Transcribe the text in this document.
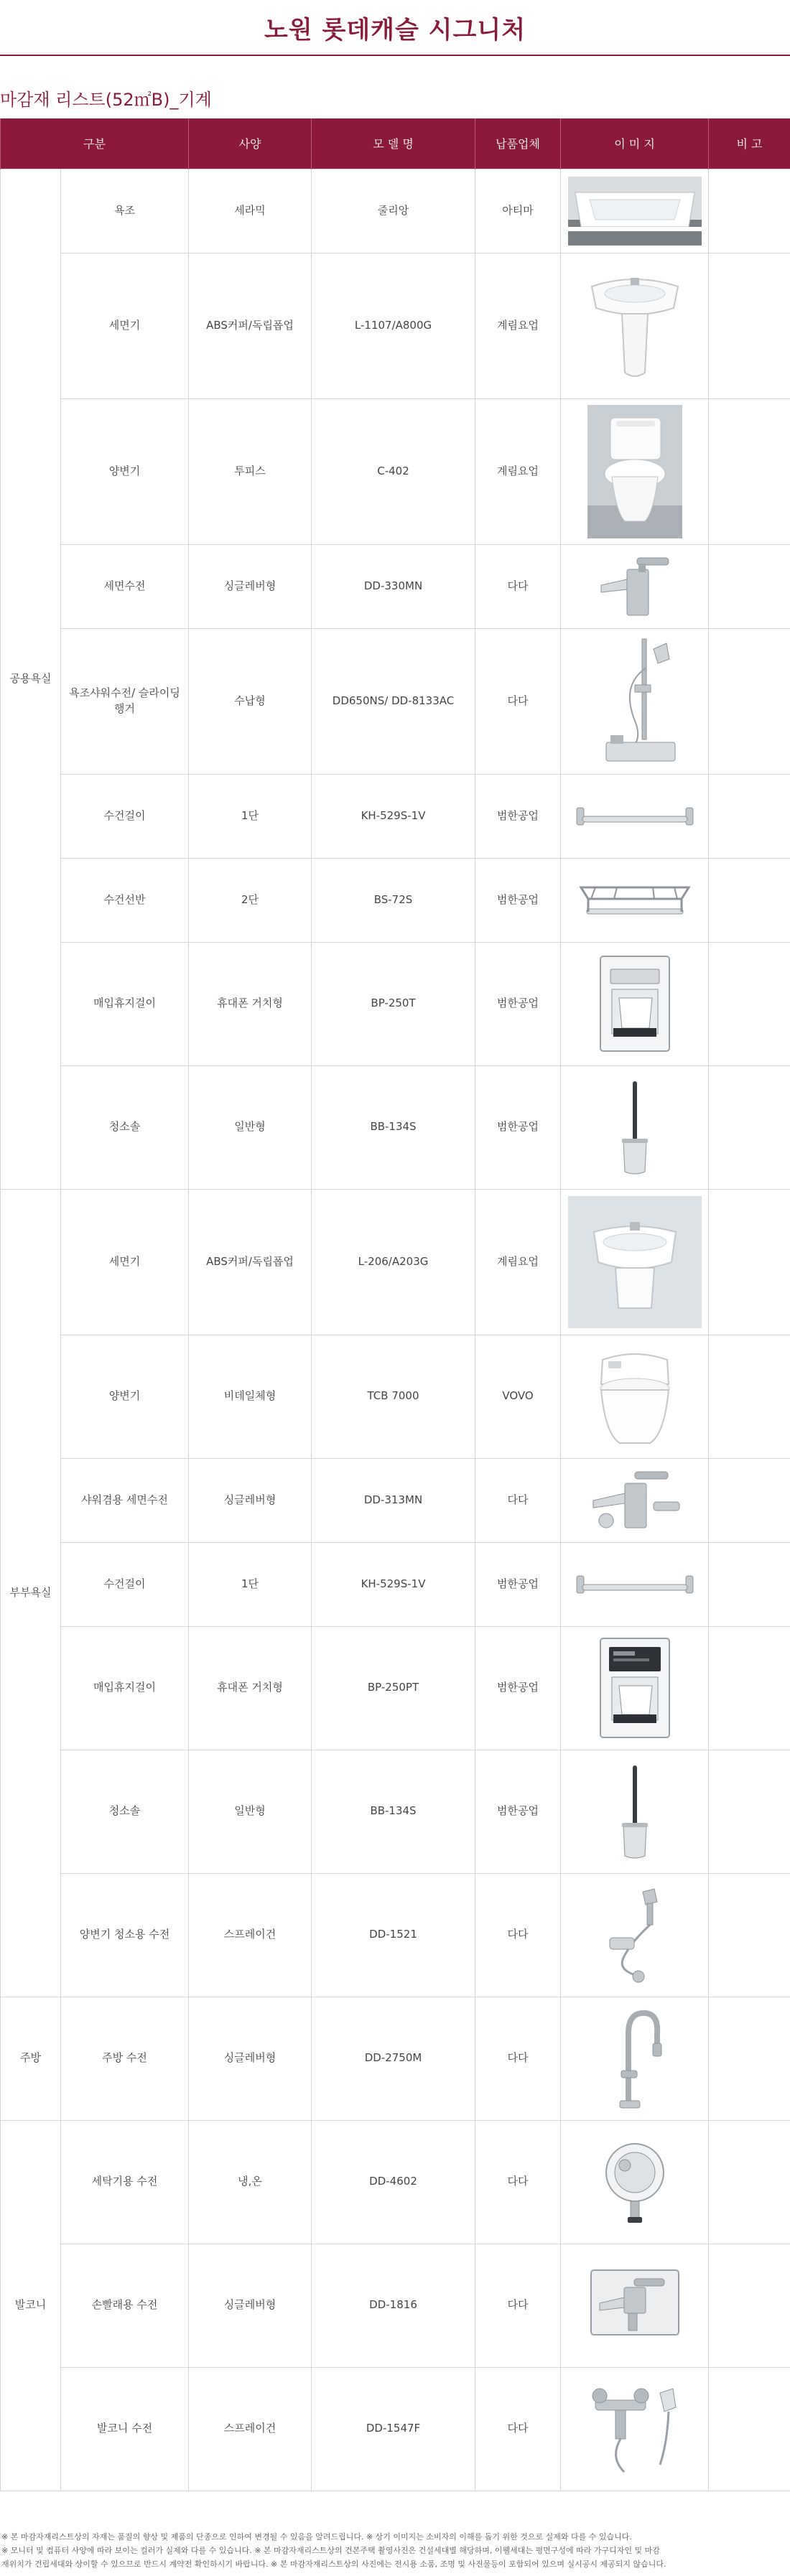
노원 롯데캐슬 시그니처
마감재 리스트(52㎡B)_기계
구분		사양	모 델 명	납품업체	이 미 지	비 고
공용욕실	욕조	세라믹	줄리앙	아티마	

	세면기	ABS커퍼/독립폽업	L-1107/A800G	계림요업	

	양변기	투피스	C-402	계림요업	

	세면수전	싱글레버형	DD-330MN	다다	

	욕조샤워수전/ 슬라이딩행거	수납형	DD650NS/ DD-8133AC	다다	

	수건걸이	1단	KH-529S-1V	범한공업	

	수건선반	2단	BS-72S	범한공업	

	매입휴지걸이	휴대폰 거치형	BP-250T	범한공업	

	청소솔	일반형	BB-134S	범한공업	

부부욕실	세면기	ABS커퍼/독립폽업	L-206/A203G	계림요업	

	양변기	비데일체형	TCB 7000	VOVO	

	샤워겸용 세면수전	싱글레버형	DD-313MN	다다	

	수건걸이	1단	KH-529S-1V	범한공업	

	매입휴지걸이	휴대폰 거치형	BP-250PT	범한공업	

	청소솔	일반형	BB-134S	범한공업	

	양변기 청소용 수전	스프레이건	DD-1521	다다	

주방	주방 수전	싱글레버형	DD-2750M	다다	

발코니	세탁기용 수전	냉,온	DD-4602	다다	

	손빨래용 수전	싱글레버형	DD-1816	다다	

	발코니 수전	스프레이건	DD-1547F	다다	

※ 본 마감자재리스트상의 자재는 품질의 향상 및 제품의 단종으로 인하여 변경될 수 있음을 알려드립니다. ※ 상기 이미지는 소비자의 이해를 돕기 위한 것으로 실제와 다를 수 있습니다.
※ 모니터 및 컴퓨터 사양에 따라 보이는 컬러가 실제와 다를 수 있습니다. ※ 본 마감자재리스트상의 건본주택 촬영사진은 건설세대별 해당하며, 이웰세대는 평면구성에 따라 가구디자인 및 마감
재위치가 건립세대와 상이할 수 있으므로 반드시 계약전 확인하시기 바랍니다. ※ 본 마감자재리스트상의 사진에는 전시용 소품, 조명 및 사진물등이 포함되어 있으며 실시공시 제공되지 않습니다.
